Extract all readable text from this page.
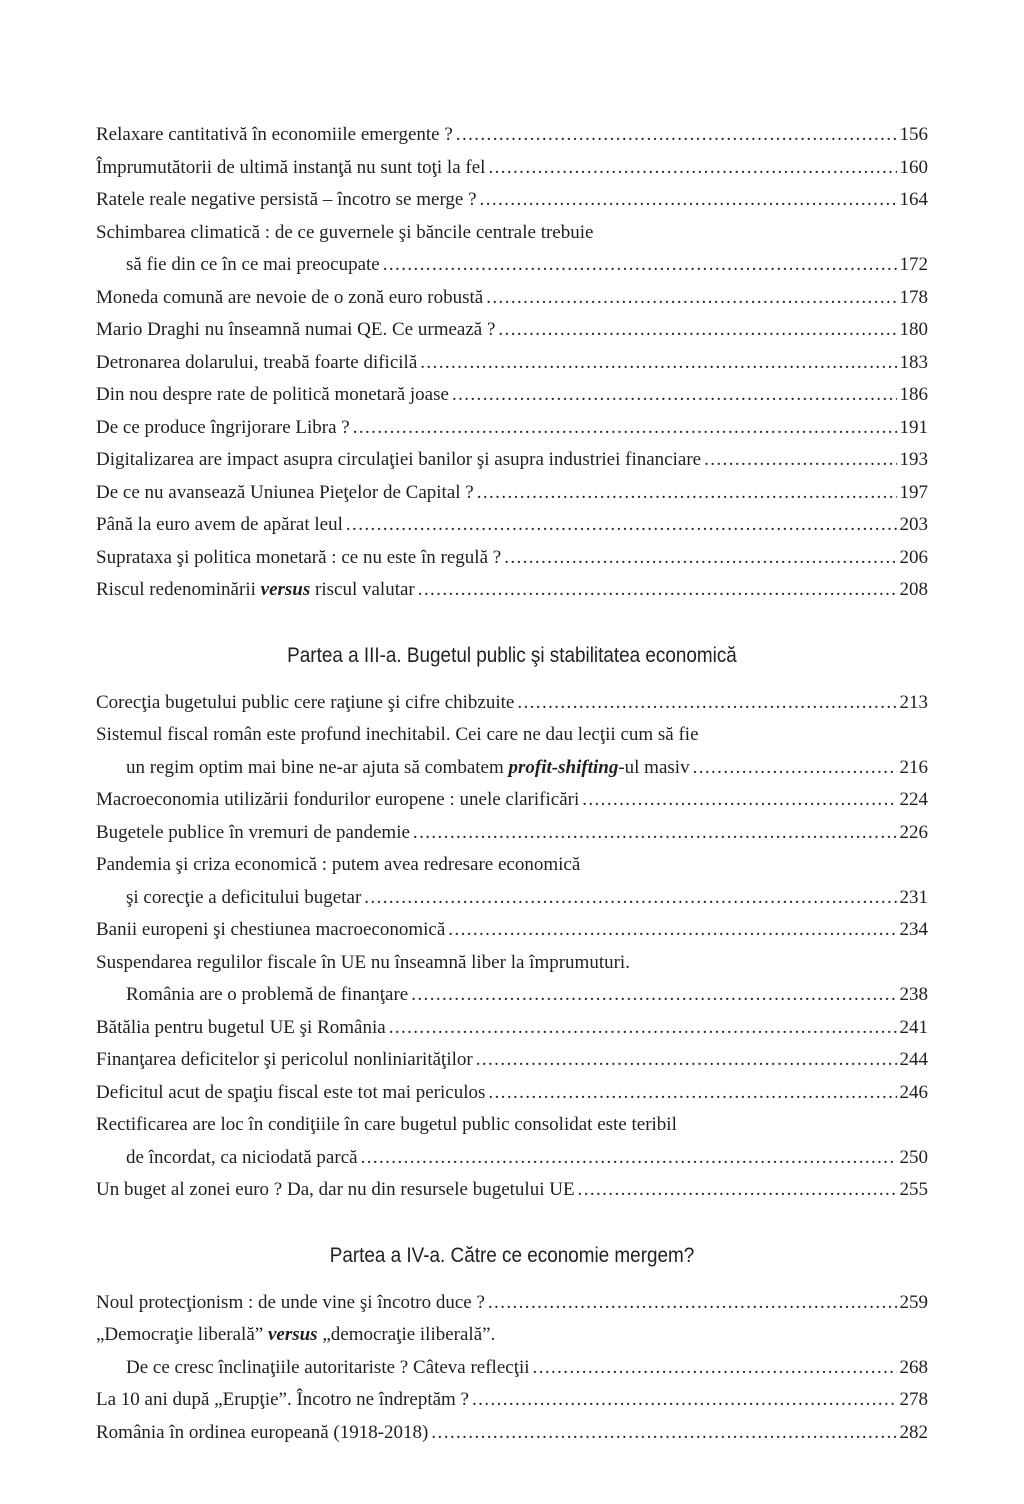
Relaxare cantitativă în economiile emergente ? .....	156
Împrumutătorii de ultimă instanţă nu sunt toţi la fel .....	160
Ratele reale negative persistă – încotro se merge ? .....	164
Schimbarea climatică : de ce guvernele şi băncile centrale trebuie
să fie din ce în ce mai preocupate .....	172
Moneda comună are nevoie de o zonă euro robustă .....	178
Mario Draghi nu înseamnă numai QE. Ce urmează ? .....	180
Detronarea dolarului, treabă foarte dificilă .....	183
Din nou despre rate de politică monetară joase .....	186
De ce produce îngrijorare Libra ? .....	191
Digitalizarea are impact asupra circulaţiei banilor şi asupra industriei financiare .....	193
De ce nu avansează Uniunea Pieţelor de Capital ? .....	197
Până la euro avem de apărat leul .....	203
Suprataxa şi politica monetară : ce nu este în regulă ? .....	206
Riscul redenominării versus riscul valutar .....	208
Partea a III-a. Bugetul public şi stabilitatea economică
Corecţia bugetului public cere raţiune şi cifre chibzuite .....	213
Sistemul fiscal român este profund inechitabil. Cei care ne dau lecţii cum să fie
un regim optim mai bine ne-ar ajuta să combatem profit-shifting-ul masiv .....	216
Macroeconomia utilizării fondurilor europene : unele clarificări .....	224
Bugetele publice în vremuri de pandemie .....	226
Pandemia şi criza economică : putem avea redresare economică
şi corecţie a deficitului bugetar .....	231
Banii europeni şi chestiunea macroeconomică .....	234
Suspendarea regulilor fiscale în UE nu înseamnă liber la împrumuturi.
România are o problemă de finanţare .....	238
Bătălia pentru bugetul UE şi România .....	241
Finanţarea deficitelor şi pericolul nonliniarităţilor .....	244
Deficitul acut de spaţiu fiscal este tot mai periculos .....	246
Rectificarea are loc în condiţiile în care bugetul public consolidat este teribil
de încordat, ca niciodată parcă .....	250
Un buget al zonei euro ? Da, dar nu din resursele bugetului UE .....	255
Partea a IV-a. Către ce economie mergem?
Noul protecţionism : de unde vine şi încotro duce ? .....	259
„Democraţie liberală” versus „democraţie iliberală”.
De ce cresc înclinaţiile autoritariste ? Câteva reflecţii .....	268
La 10 ani după „Erupţie”. Încotro ne îndreptăm ? .....	278
România în ordinea europeană (1918-2018) .....	282
